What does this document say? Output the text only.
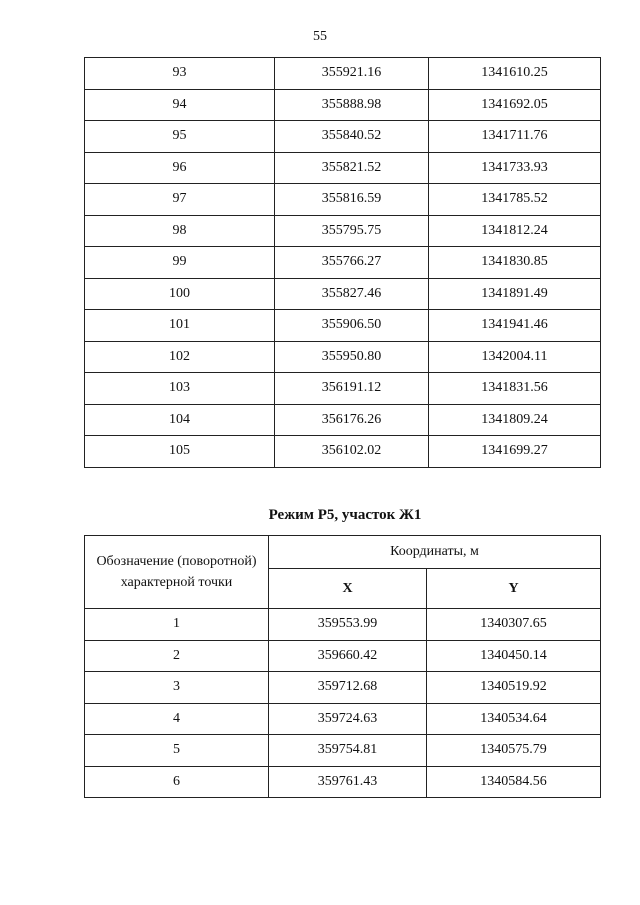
55
93	355921.16	1341610.25
94	355888.98	1341692.05
95	355840.52	1341711.76
96	355821.52	1341733.93
97	355816.59	1341785.52
98	355795.75	1341812.24
99	355766.27	1341830.85
100	355827.46	1341891.49
101	355906.50	1341941.46
102	355950.80	1342004.11
103	356191.12	1341831.56
104	356176.26	1341809.24
105	356102.02	1341699.27
Режим Р5, участок Ж1
Обозначение (поворотной) характерной точки	Координаты, м	
	X	Y
1	359553.99	1340307.65
2	359660.42	1340450.14
3	359712.68	1340519.92
4	359724.63	1340534.64
5	359754.81	1340575.79
6	359761.43	1340584.56
